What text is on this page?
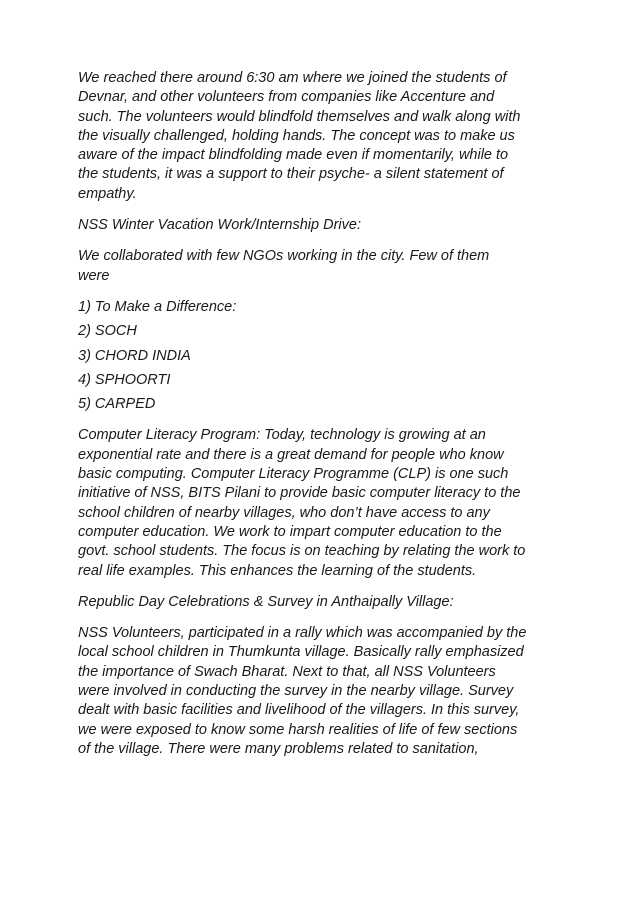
We reached there around 6:30 am where we joined the students of
Devnar, and other volunteers from companies like Accenture and
such. The volunteers would blindfold themselves and walk along with
the visually challenged, holding hands. The concept was to make us
aware of the impact blindfolding made even if momentarily, while to
the students, it was a support to their psyche- a silent statement of
empathy.

NSS Winter Vacation Work/Internship Drive:

We collaborated with few NGOs working in the city. Few of them
were

1) To Make a Difference:

2) SOCH

3) CHORD INDIA

4) SPHOORTI

5) CARPED

Computer Literacy Program: Today, technology is growing at an
exponential rate and there is a great demand for people who know
basic computing. Computer Literacy Programme (CLP) is one such
initiative of NSS, BITS Pilani to provide basic computer literacy to the
school children of nearby villages, who don’t have access to any
computer education. We work to impart computer education to the
govt. school students. The focus is on teaching by relating the work to
real life examples. This enhances the learning of the students.

Republic Day Celebrations & Survey in Anthaipally Village:

NSS Volunteers, participated in a rally which was accompanied by the
local school children in Thumkunta village. Basically rally emphasized
the importance of Swach Bharat. Next to that, all NSS Volunteers
were involved in conducting the survey in the nearby village. Survey
dealt with basic facilities and livelihood of the villagers. In this survey,
we were exposed to know some harsh realities of life of few sections
of the village. There were many problems related to sanitation,
